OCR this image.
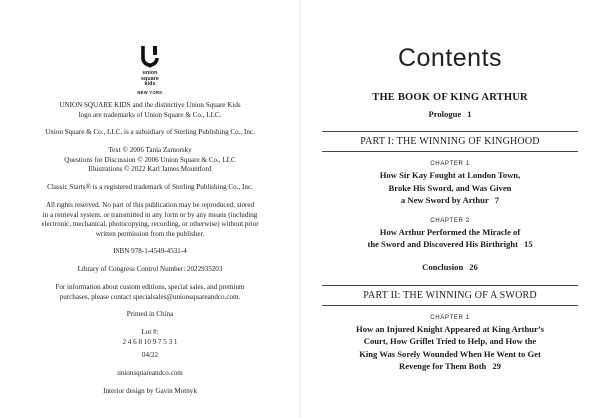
union
square
kids
NEW YORK

UNION SQUARE KIDS and the distinctive Union Square Kids
logo are trademarks of Union Square & Co., LLC.

Union Square & Co., LLC, is a subsidiary of Sterling Publishing Co., Inc.

Text © 2006 Tania Zamorsky
Questions for Discussion © 2006 Union Square & Co., LLC
Illustrations © 2022 Karl James Mountford

Classic Starts® is a registered trademark of Sterling Publishing Co., Inc.

All rights reserved. No part of this publication may be reproduced, stored
in a retrieval system, or transmitted in any form or by any means (including
electronic, mechanical, photocopying, recording, or otherwise) without prior
written permission from the publisher.

ISBN 978-1-4549-4531-4

Library of Congress Control Number: 2022935203

For information about custom editions, special sales, and premium
purchases, please contact specialsales@unionsquareandco.com.

Printed in China

Lot #:

2 4 6 8 10 9 7 5 3 1

04/22

unionsquareandco.com

Interior design by Gavin Motnyk

Contents

THE BOOK OF KING ARTHUR

Prologue 1

PART I: THE WINNING OF KINGHOOD

CHAPTER 1

How Sir Kay Fought at London Town,

Broke His Sword, and Was Given

a New Sword by Arthur 7

CHAPTER 2

How Arthur Performed the Miracle of

the Sword and Discovered His Birthright 15

Conclusion 26

PART II: THE WINNING OF A SWORD

CHAPTER 1

How an Injured Knight Appeared at King Arthur’s

Court, How Griflet Tried to Help, and How the

King Was Sorely Wounded When He Went to Get

Revenge for Them Both 29
